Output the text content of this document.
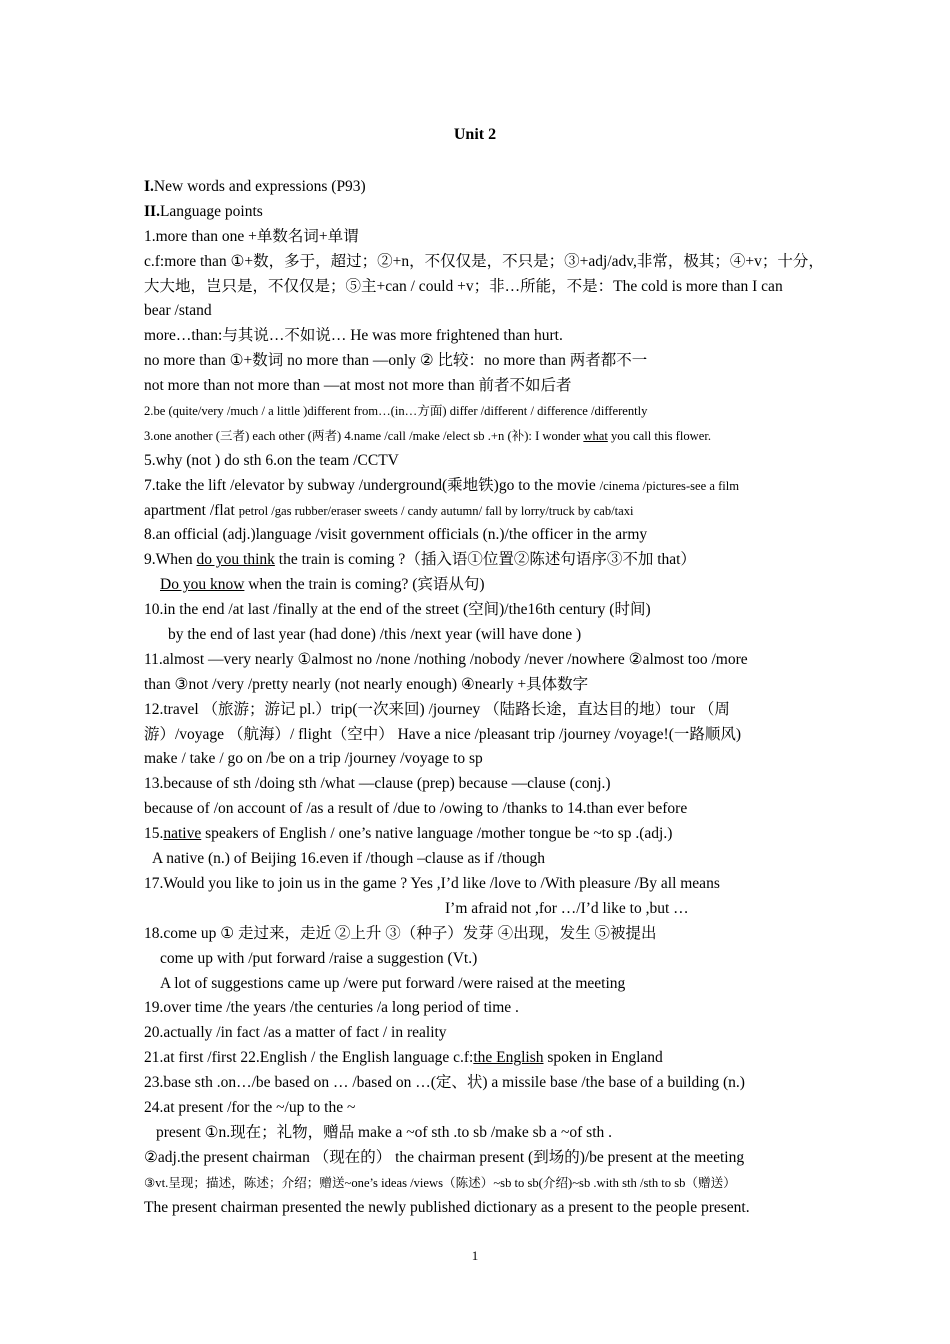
Unit 2
I.New words and expressions (P93)
II.Language points
1.more than one +单数名词+单谓
c.f:more than ①+数，多于，超过；②+n，不仅仅是，不只是；③+adj/adv,非常，极其；④+v；十分，
大大地，岂只是，不仅仅是；⑤主+can / could +v；非…所能，不是：The cold is more than I can
bear /stand
more…than:与其说…不如说… He was more frightened than hurt.
no more than ①+数词 no more than —only ② 比较：no more than 两者都不一
not more than not more than —at most not more than 前者不如后者
2.be (quite/very /much / a little )different from…(in…方面) differ /different / difference /differently
3.one another (三者) each other (两者) 4.name /call /make /elect sb .+n (补): I wonder what you call this flower.
5.why (not ) do sth 6.on the team /CCTV
7.take the lift /elevator by subway /underground(乘地铁)go to the movie /cinema /pictures-see a film
apartment /flat petrol /gas rubber/eraser sweets / candy autumn/ fall by lorry/truck by cab/taxi
8.an official (adj.)language /visit government officials (n.)/the officer in the army
9.When do you think the train is coming ?（插入语①位置②陈述句语序③不加 that）
Do you know when the train is coming? (宾语从句)
10.in the end /at last /finally at the end of the street (空间)/the16th century (时间)
by the end of last year (had done) /this /next year (will have done )
11.almost —very nearly ①almost no /none /nothing /nobody /never /nowhere ②almost too /more
than ③not /very /pretty nearly (not nearly enough) ④nearly +具体数字
12.travel （旅游；游记 pl.）trip(一次来回) /journey （陆路长途，直达目的地）tour （周
游）/voyage （航海）/ flight（空中） Have a nice /pleasant trip /journey /voyage!(一路顺风)
make / take / go on /be on a trip /journey /voyage to sp
13.because of sth /doing sth /what —clause (prep) because —clause (conj.)
because of /on account of /as a result of /due to /owing to /thanks to 14.than ever before
15.native speakers of English / one’s native language /mother tongue be ~to sp .(adj.)
A native (n.) of Beijing 16.even if /though –clause as if /though
17.Would you like to join us in the game ? Yes ,I’d like /love to /With pleasure /By all means
I’m afraid not ,for …/I’d like to ,but …
18.come up ① 走过来，走近 ②上升 ③（种子）发芽 ④出现，发生 ⑤被提出
come up with /put forward /raise a suggestion (Vt.)
A lot of suggestions came up /were put forward /were raised at the meeting
19.over time /the years /the centuries /a long period of time .
20.actually /in fact /as a matter of fact / in reality
21.at first /first 22.English / the English language c.f:the English spoken in England
23.base sth .on…/be based on … /based on …(定、状) a missile base /the base of a building (n.)
24.at present /for the ~/up to the ~
present ①n.现在；礼物，赠品 make a ~of sth .to sb /make sb a ~of sth .
②adj.the present chairman （现在的） the chairman present (到场的)/be present at the meeting
③vt.呈现；描述，陈述；介绍；赠送~one’s ideas /views（陈述）~sb to sb(介绍)~sb .with sth /sth to sb（赠送）
The present chairman presented the newly published dictionary as a present to the people present.
1
